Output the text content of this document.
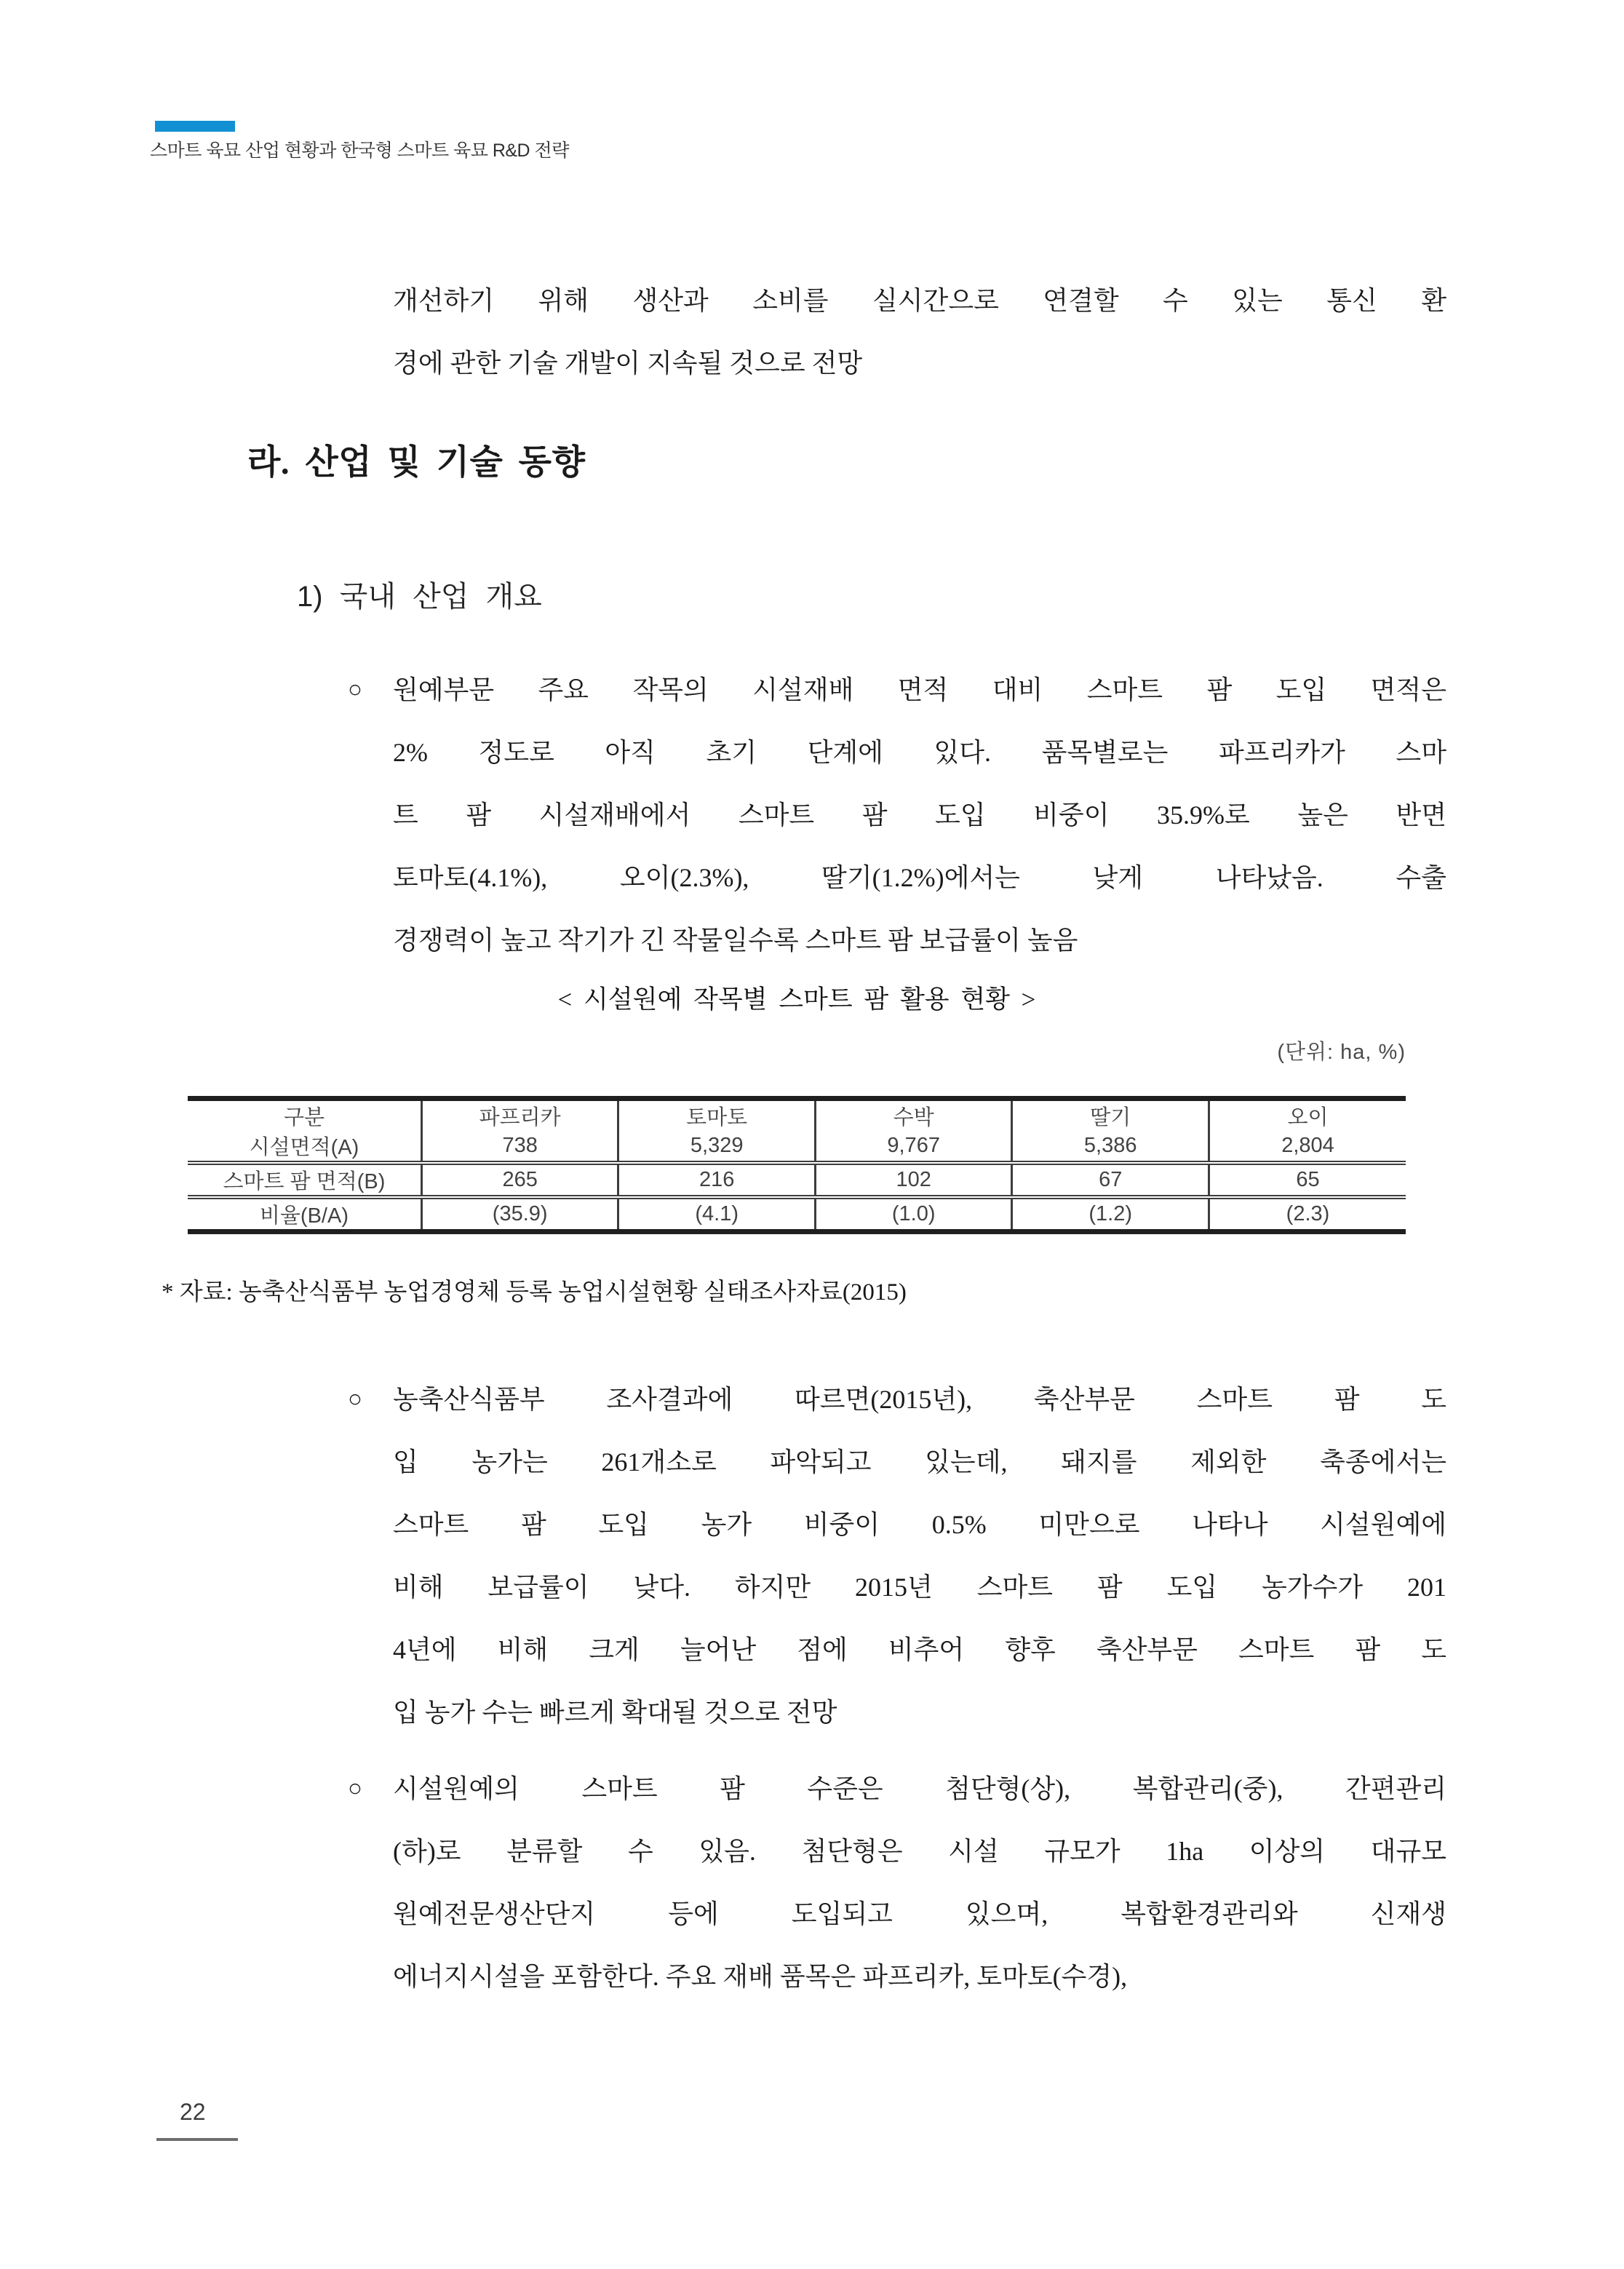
스마트 육묘 산업 현황과 한국형 스마트 육묘 R&D 전략
개선하기 위해 생산과 소비를 실시간으로 연결할 수 있는 통신 환
경에 관한 기술 개발이 지속될 것으로 전망
라. 산업 및 기술 동향
1) 국내 산업 개요
○ 원예부문 주요 작목의 시설재배 면적 대비 스마트 팜 도입 면적은
2% 정도로 아직 초기 단계에 있다. 품목별로는 파프리카가 스마
트 팜 시설재배에서 스마트 팜 도입 비중이 35.9%로 높은 반면
토마토(4.1%), 오이(2.3%), 딸기(1.2%)에서는 낮게 나타났음. 수출
경쟁력이 높고 작기가 긴 작물일수록 스마트 팜 보급률이 높음
< 시설원예 작목별 스마트 팜 활용 현황 >
(단위: ha, %)
구분	파프리카	토마토	수박	딸기	오이
시설면적(A)	738	5,329	9,767	5,386	2,804
스마트 팜 면적(B)	265	216	102	67	65
비율(B/A)	(35.9)	(4.1)	(1.0)	(1.2)	(2.3)
* 자료: 농축산식품부 농업경영체 등록 농업시설현황 실태조사자료(2015)
○ 농축산식품부 조사결과에 따르면(2015년), 축산부문 스마트 팜 도
입 농가는 261개소로 파악되고 있는데, 돼지를 제외한 축종에서는
스마트 팜 도입 농가 비중이 0.5% 미만으로 나타나 시설원예에
비해 보급률이 낮다. 하지만 2015년 스마트 팜 도입 농가수가 201
4년에 비해 크게 늘어난 점에 비추어 향후 축산부문 스마트 팜 도
입 농가 수는 빠르게 확대될 것으로 전망
○ 시설원예의 스마트 팜 수준은 첨단형(상), 복합관리(중), 간편관리
(하)로 분류할 수 있음. 첨단형은 시설 규모가 1ha 이상의 대규모
원예전문생산단지 등에 도입되고 있으며, 복합환경관리와 신재생
에너지시설을 포함한다. 주요 재배 품목은 파프리카, 토마토(수경),
22
